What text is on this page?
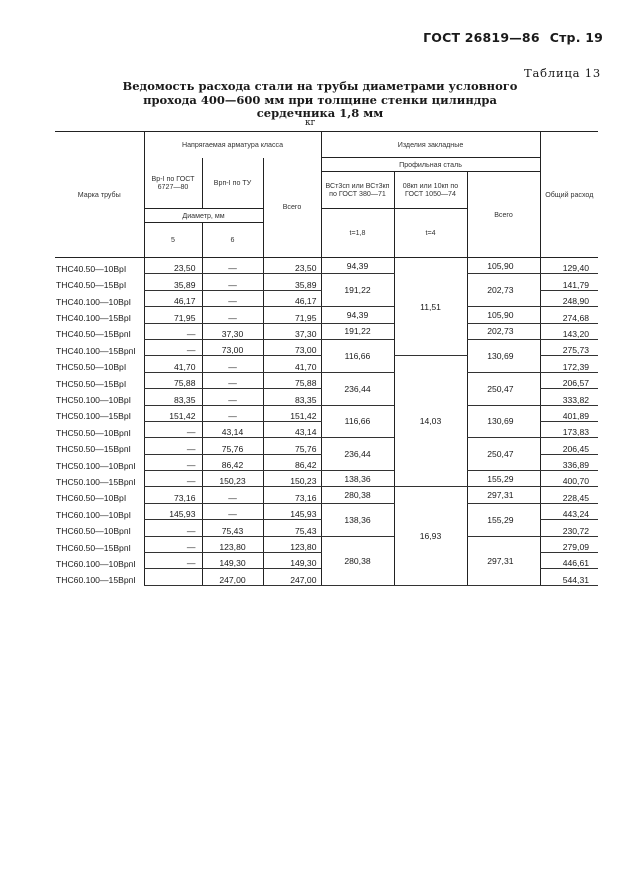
ГОСТ 26819—86 Стр. 19
Таблица 13
Ведомость расхода стали на трубы диаметрами условного
прохода 400—600 мм при толщине стенки цилиндра
сердечника 1,8 мм
кг
Марка трубы	Напрягаемая арматура класса			Изделия закладные			Общий расход
	Вр-I по ГОСТ 6727—80	Врп-I по ТУ	Всего	Профильная сталь			
				ВСт3сп или ВСт3кп по ГОСТ 380—71	08кп или 10кп по ГОСТ 1050—74	Всего	
	Диаметр, мм			t=1,8	t=4		
	5	6					
ТНС40.50—10ВрI	23,50	—	23,50	94,39	11,51	105,90	129,40
ТНС40.50—15ВрI	35,89	—	35,89	191,22		202,73	141,79
ТНС40.100—10ВрI	46,17	—	46,17				248,90
ТНС40.100—15ВрI	71,95	—	71,95	94,39		105,90	274,68
ТНС40.50—15ВрпI	—	37,30	37,30	191,22		202,73	143,20
ТНС40.100—15ВрпI	—	73,00	73,00	116,66		130,69	275,73
ТНС50.50—10ВрI	41,70	—	41,70		14,03		172,39
ТНС50.50—15ВрI	75,88	—	75,88	236,44		250,47	206,57
ТНС50.100—10ВрI	83,35	—	83,35				333,82
ТНС50.100—15ВрI	151,42	—	151,42	116,66		130,69	401,89
ТНС50.50—10ВрпI	—	43,14	43,14				173,83
ТНС50.50—15ВрпI	—	75,76	75,76	236,44		250,47	206,45
ТНС50.100—10ВрпI	—	86,42	86,42				336,89
ТНС50.100—15ВрпI	—	150,23	150,23	138,36		155,29	400,70
ТНС60.50—10ВрI	73,16	—	73,16	280,38	16,93	297,31	228,45
ТНС60.100—10ВрI	145,93	—	145,93	138,36		155,29	443,24
ТНС60.50—10ВрпI	—	75,43	75,43				230,72
ТНС60.50—15ВрпI	—	123,80	123,80	280,38		297,31	279,09
ТНС60.100—10ВрпI	—	149,30	149,30				446,61
ТНС60.100—15ВрпI		247,00	247,00				544,31
